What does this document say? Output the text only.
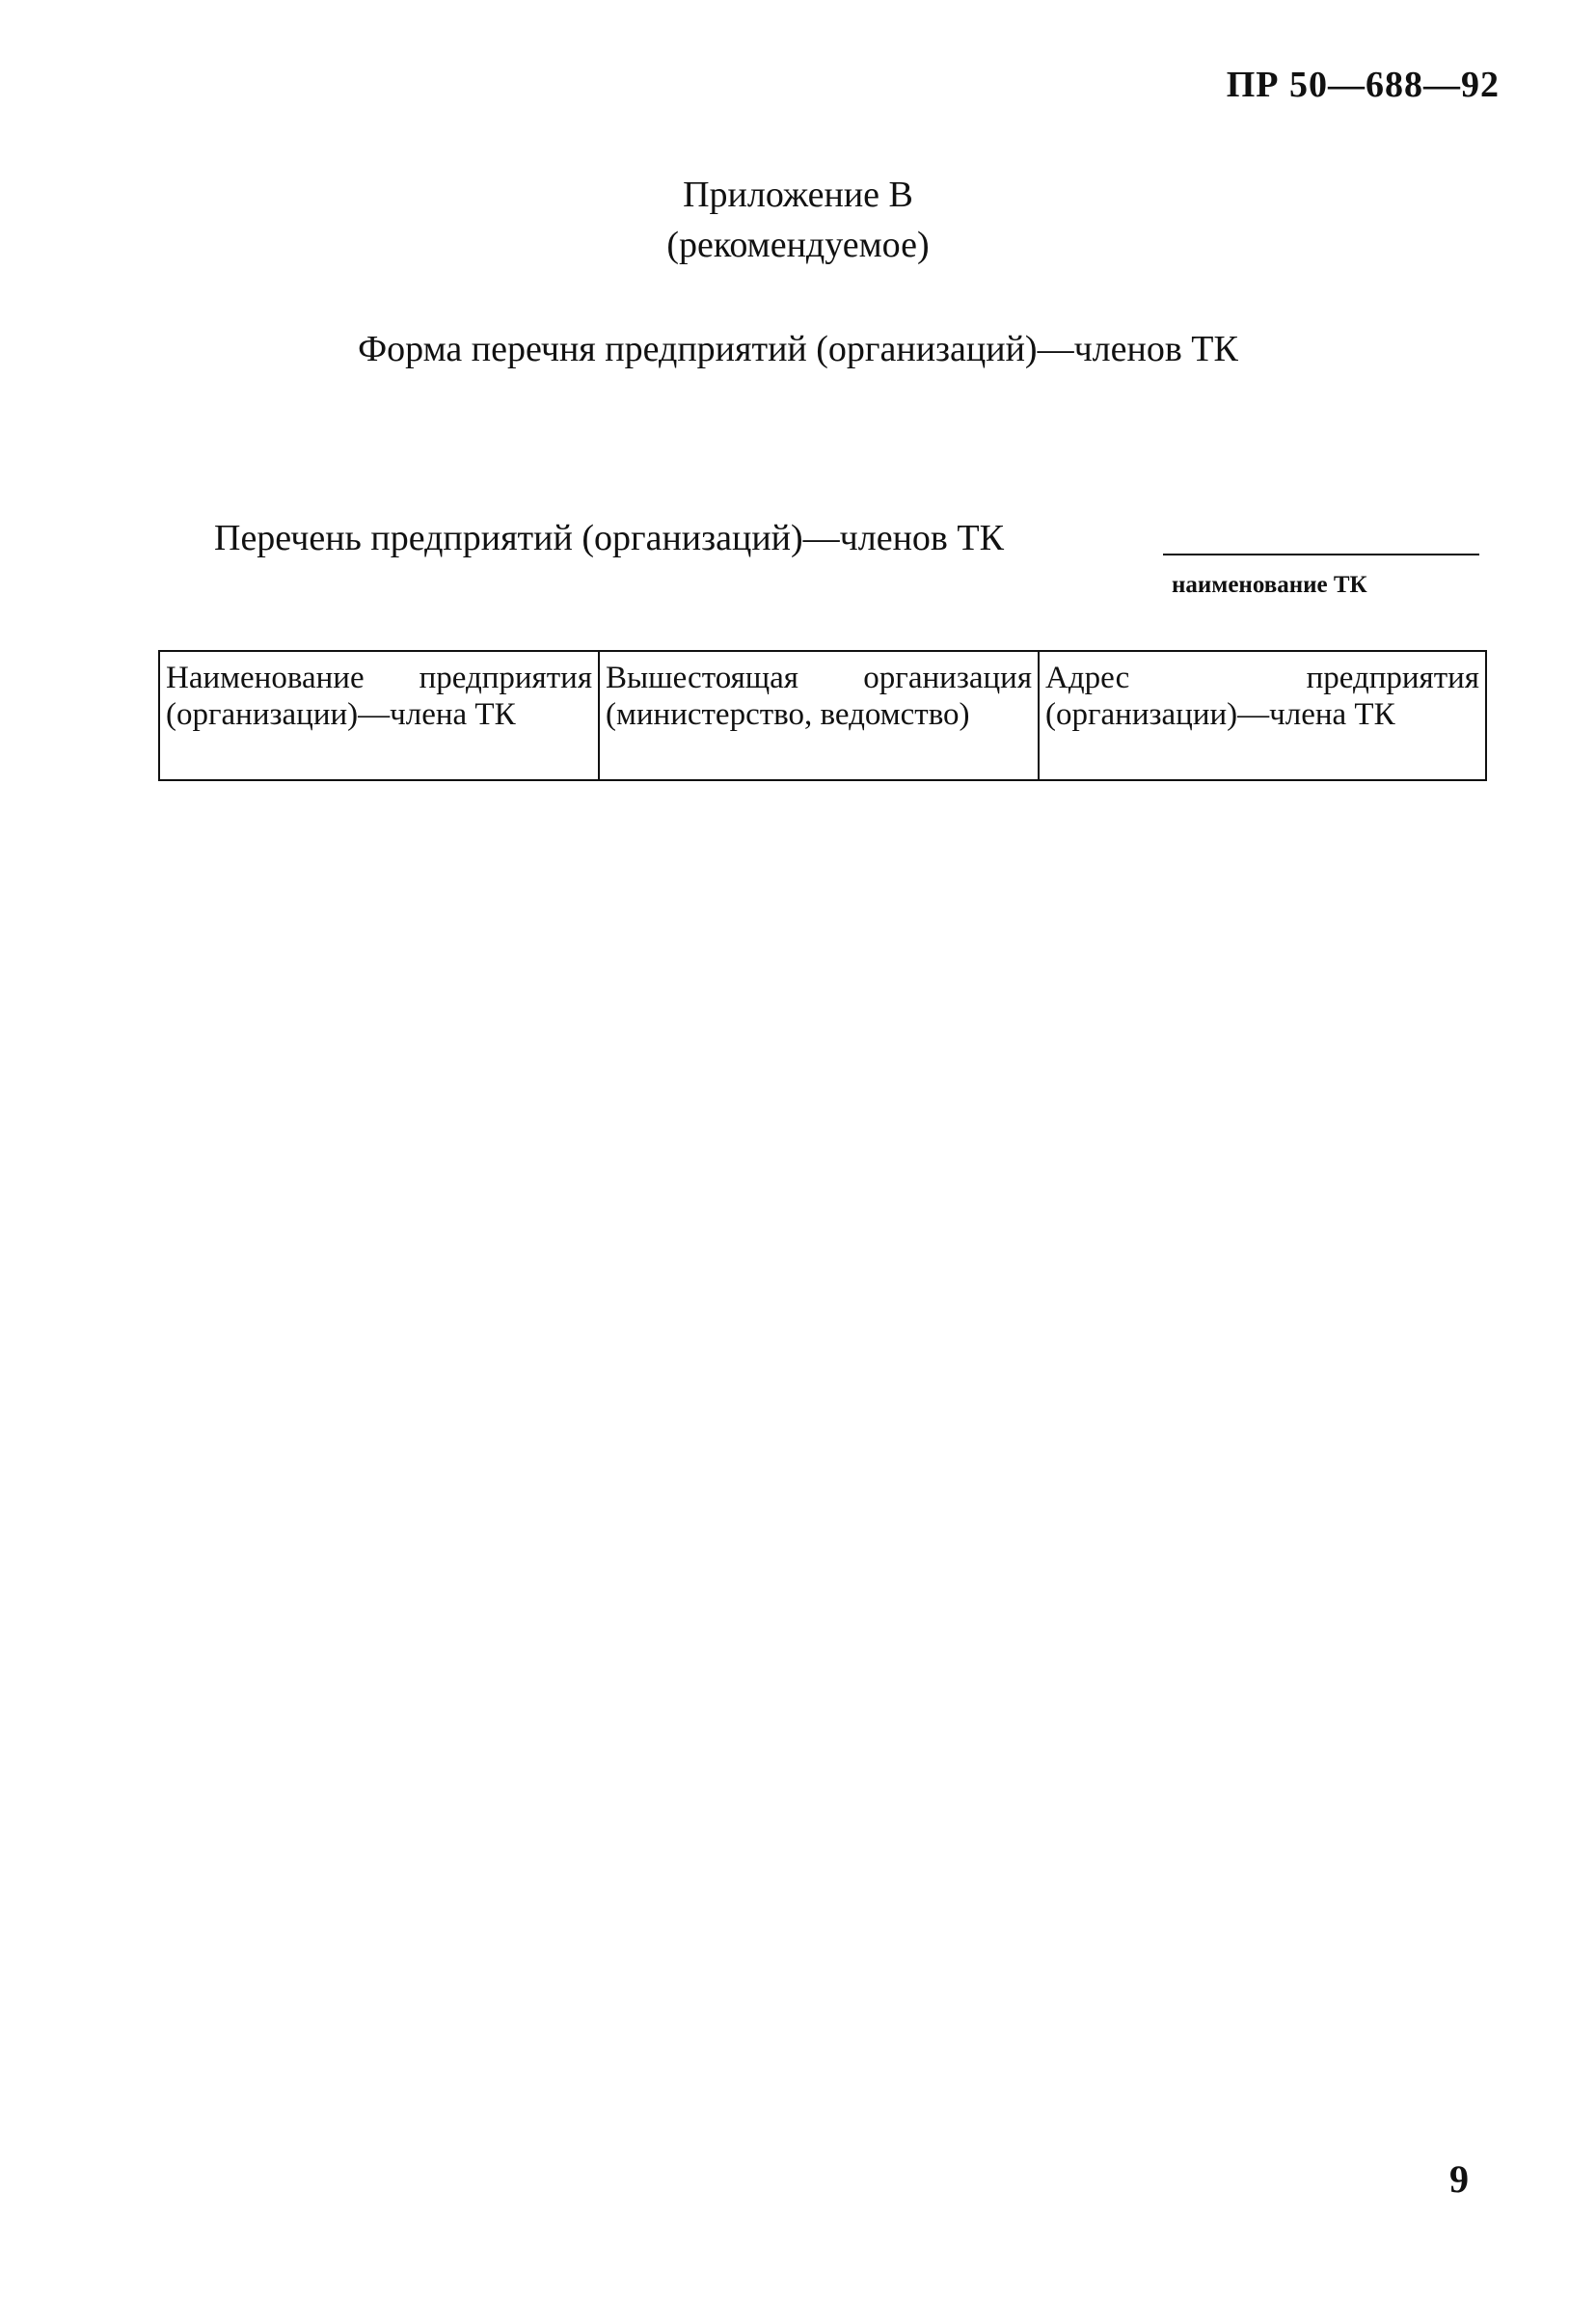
ПР 50—688—92
Приложение В
(рекомендуемое)
Форма перечня предприятий (организаций)—членов ТК
Перечень предприятий (организаций)—членов ТК
наименование ТК
Наименование предприятия (организации)—члена ТК	Вышестоящая организация (министерство, ведомство)	Адрес предприятия (организации)—члена ТК
9
